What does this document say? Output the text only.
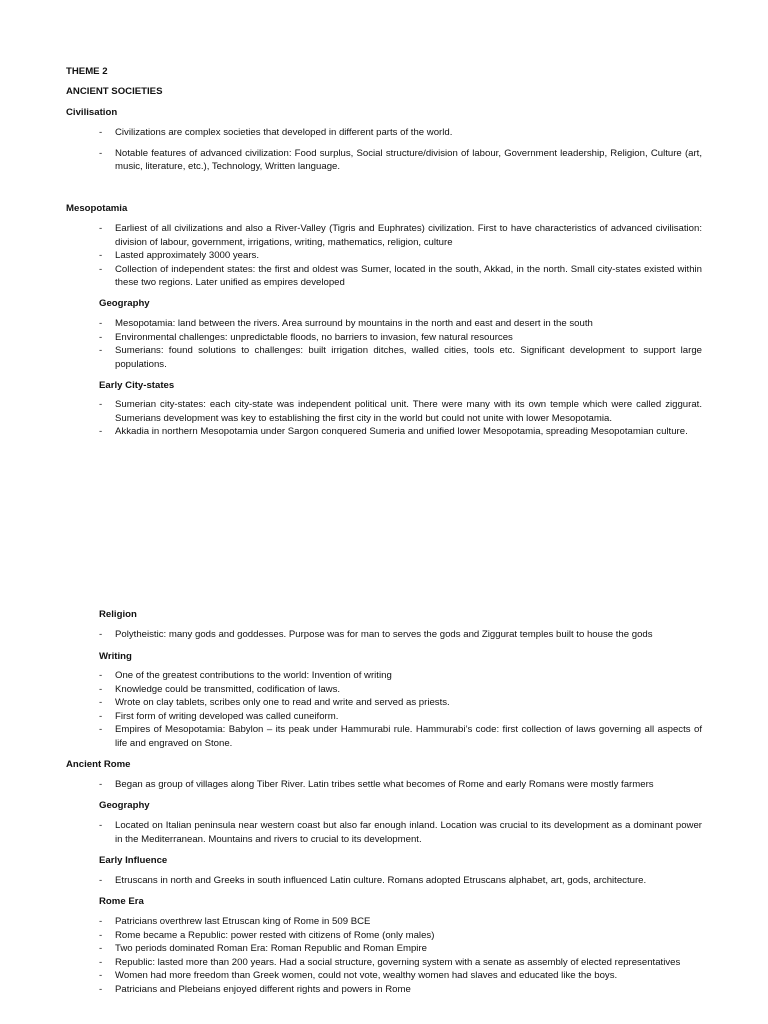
THEME 2
ANCIENT SOCIETIES
Civilisation
- Civilizations are complex societies that developed in different parts of the world.
- Notable features of advanced civilization: Food surplus, Social structure/division of labour, Government leadership, Religion, Culture (art, music, literature, etc.), Technology, Written language.
Mesopotamia
- Earliest of all civilizations and also a River-Valley (Tigris and Euphrates) civilization. First to have characteristics of advanced civilisation: division of labour, government, irrigations, writing, mathematics, religion, culture
- Lasted approximately 3000 years.
- Collection of independent states: the first and oldest was Sumer, located in the south, Akkad, in the north. Small city-states existed within these two regions. Later unified as empires developed
Geography
- Mesopotamia: land between the rivers. Area surround by mountains in the north and east and desert in the south
- Environmental challenges: unpredictable floods, no barriers to invasion, few natural resources
- Sumerians: found solutions to challenges: built irrigation ditches, walled cities, tools etc. Significant development to support large populations.
Early City-states
- Sumerian city-states: each city-state was independent political unit. There were many with its own temple which were called ziggurat. Sumerians development was key to establishing the first city in the world but could not unite with lower Mesopotamia.
- Akkadia in northern Mesopotamia under Sargon conquered Sumeria and unified lower Mesopotamia, spreading Mesopotamian culture.
Religion
- Polytheistic: many gods and goddesses. Purpose was for man to serves the gods and Ziggurat temples built to house the gods
Writing
- One of the greatest contributions to the world: Invention of writing
- Knowledge could be transmitted, codification of laws.
- Wrote on clay tablets, scribes only one to read and write and served as priests.
- First form of writing developed was called cuneiform.
- Empires of Mesopotamia: Babylon – its peak under Hammurabi rule. Hammurabi’s code: first collection of laws governing all aspects of life and engraved on Stone.
Ancient Rome
- Began as group of villages along Tiber River. Latin tribes settle what becomes of Rome and early Romans were mostly farmers
Geography
- Located on Italian peninsula near western coast but also far enough inland. Location was crucial to its development as a dominant power in the Mediterranean. Mountains and rivers to crucial to its development.
Early Influence
- Etruscans in north and Greeks in south influenced Latin culture. Romans adopted Etruscans alphabet, art, gods, architecture.
Rome Era
- Patricians overthrew last Etruscan king of Rome in 509 BCE
- Rome became a Republic: power rested with citizens of Rome (only males)
- Two periods dominated Roman Era: Roman Republic and Roman Empire
- Republic: lasted more than 200 years. Had a social structure, governing system with a senate as assembly of elected representatives
- Women had more freedom than Greek women, could not vote, wealthy women had slaves and educated like the boys.
- Patricians and Plebeians enjoyed different rights and powers in Rome
